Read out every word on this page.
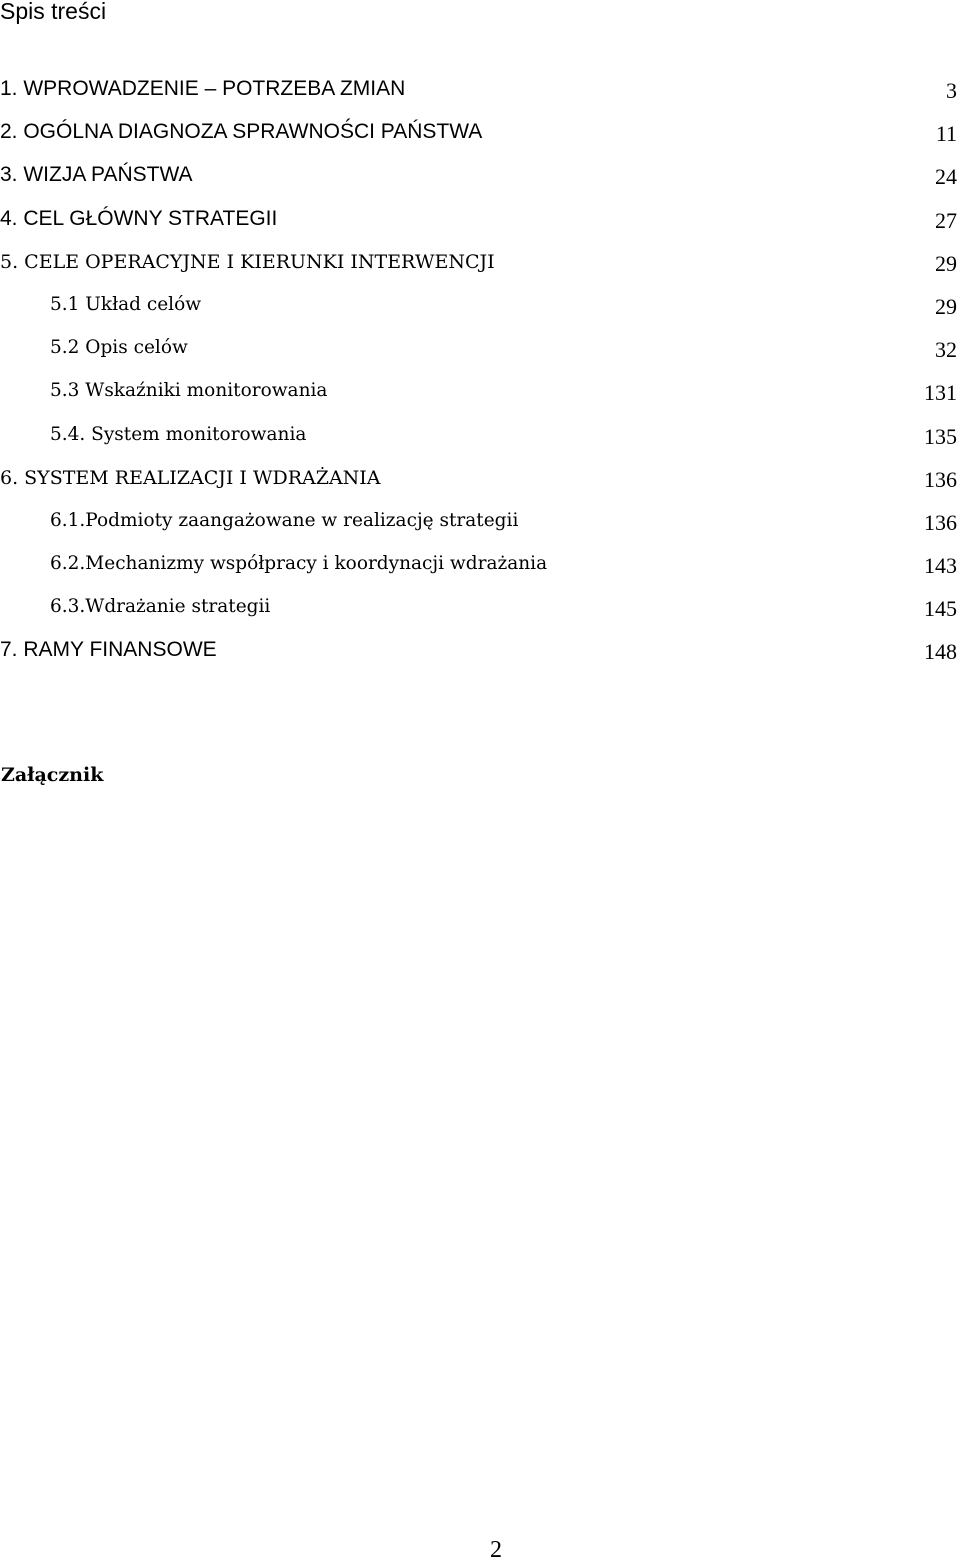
Spis treści
1. WPROWADZENIE – POTRZEBA ZMIAN	3
2. OGÓLNA DIAGNOZA SPRAWNOŚCI PAŃSTWA	11
3. WIZJA PAŃSTWA	24
4. CEL GŁÓWNY STRATEGII	27
5. CELE OPERACYJNE I KIERUNKI INTERWENCJI	29
5.1 Układ celów	29
5.2 Opis celów	32
5.3 Wskaźniki monitorowania	131
5.4. System monitorowania	135
6. SYSTEM REALIZACJI I WDRAŻANIA	136
6.1.Podmioty zaangażowane w realizację strategii	136
6.2.Mechanizmy współpracy i koordynacji wdrażania	143
6.3.Wdrażanie strategii	145
7. RAMY FINANSOWE	148
Załącznik
2
